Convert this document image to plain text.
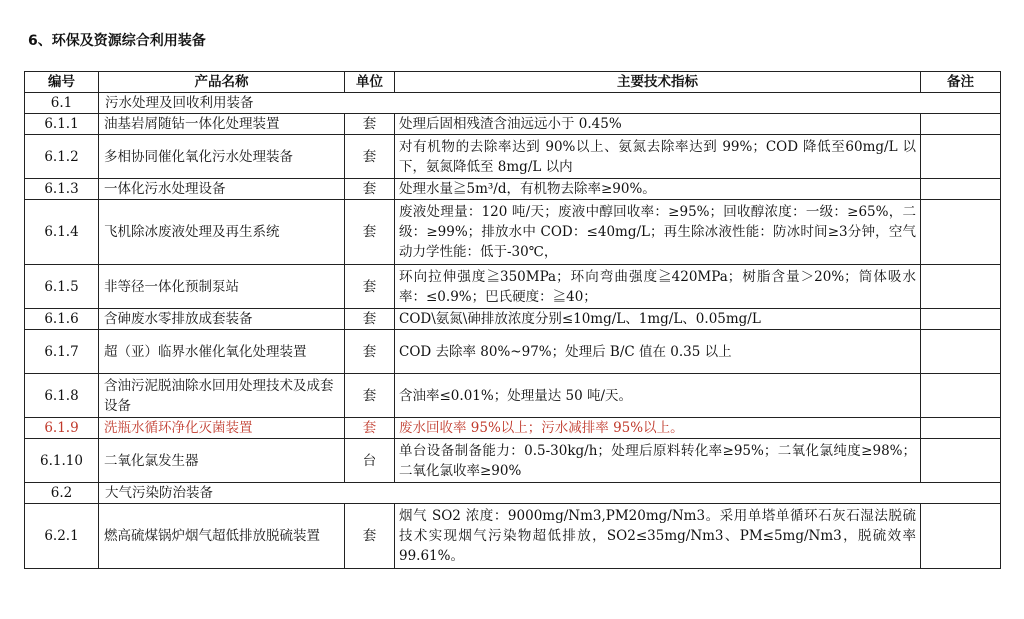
6、环保及资源综合利用装备
编号	产品名称	单位	主要技术指标	备注
6.1	污水处理及回收利用装备			
6.1.1	油基岩屑随钻一体化处理装置	套	处理后固相残渣含油远远小于 0.45%	
6.1.2	多相协同催化氧化污水处理装备	套	对有机物的去除率达到 90%以上、氨氮去除率达到 99%；COD 降低至60mg/L 以下，氨氮降低至 8mg/L 以内	
6.1.3	一体化污水处理设备	套	处理水量≧5m³/d，有机物去除率≥90%。	
6.1.4	飞机除冰废液处理及再生系统	套	废液处理量：120 吨/天；废液中醇回收率：≥95%；回收醇浓度：一级：≥65%，二级：≥99%；排放水中 COD：≤40mg/L；再生除冰液性能：防冰时间≥3分钟，空气动力学性能：低于-30℃，	
6.1.5	非等径一体化预制泵站	套	环向拉伸强度≧350MPa；环向弯曲强度≧420MPa；树脂含量＞20%；筒体吸水率：≤0.9%；巴氏硬度：≧40；	
6.1.6	含砷废水零排放成套装备	套	COD\氨氮\砷排放浓度分别≤10mg/L、1mg/L、0.05mg/L	
6.1.7	超（亚）临界水催化氧化处理装置	套	COD 去除率 80%~97%；处理后 B/C 值在 0.35 以上	
6.1.8	含油污泥脱油除水回用处理技术及成套设备	套	含油率≤0.01%；处理量达 50 吨/天。	
6.1.9	洗瓶水循环净化灭菌装置	套	废水回收率 95%以上；污水减排率 95%以上。	
6.1.10	二氧化氯发生器	台	单台设备制备能力：0.5-30kg/h；处理后原料转化率≥95%；二氧化氯纯度≥98%；二氧化氯收率≥90%	
6.2	大气污染防治装备			
6.2.1	燃高硫煤锅炉烟气超低排放脱硫装置	套	烟气 SO2 浓度：9000mg/Nm3,PM20mg/Nm3。采用单塔单循环石灰石湿法脱硫技术实现烟气污染物超低排放，SO2≤35mg/Nm3、PM≤5mg/Nm3，脱硫效率 99.61%。	
